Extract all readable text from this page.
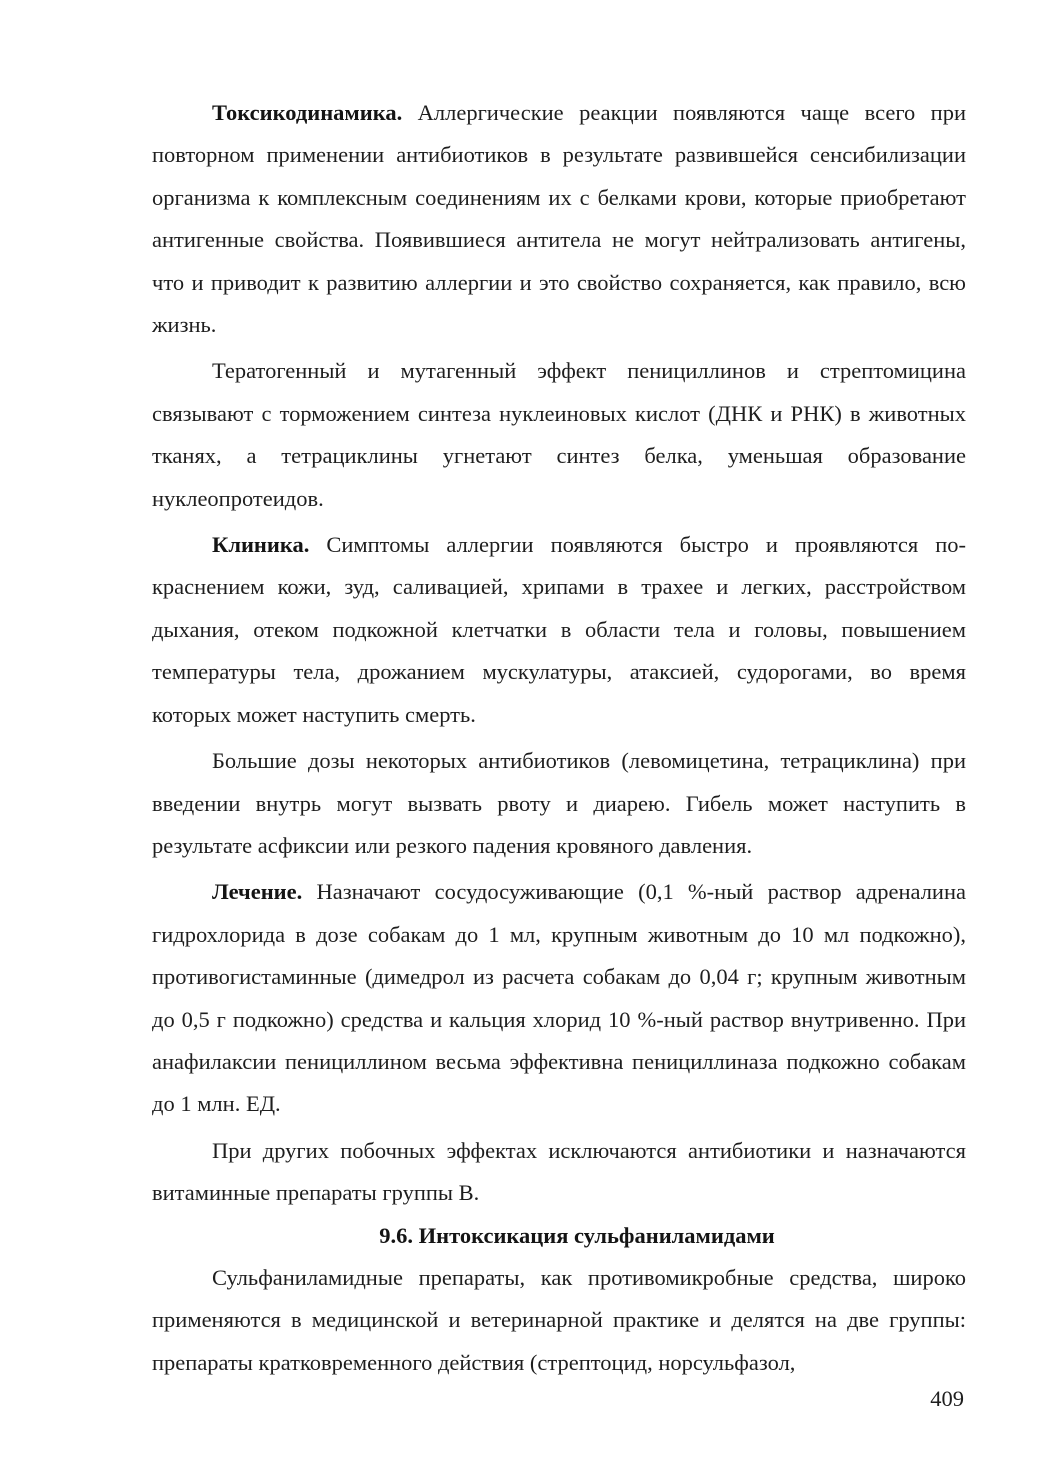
Токсикодинамика. Аллергические реакции появляются чаще всего при повторном применении антибиотиков в результате развившейся сенсибилизации организма к комплексным соединениям их с белками крови, которые приобретают антигенные свойства. Появившиеся антитела не могут нейтрализовать антигены, что и приводит к развитию аллергии и это свойство сохраняется, как правило, всю жизнь.

Тератогенный и мутагенный эффект пенициллинов и стрептомицина связывают с торможением синтеза нуклеиновых кислот (ДНК и РНК) в животных тканях, а тетрациклины угнетают синтез белка, уменьшая образование нуклеопротеидов.

Клиника. Симптомы аллергии появляются быстро и проявляются покраснением кожи, зуд, саливацией, хрипами в трахее и легких, расстройством дыхания, отеком подкожной клетчатки в области тела и головы, повышением температуры тела, дрожанием мускулатуры, атаксией, судорогами, во время которых может наступить смерть.

Большие дозы некоторых антибиотиков (левомицетина, тетрациклина) при введении внутрь могут вызвать рвоту и диарею. Гибель может наступить в результате асфиксии или резкого падения кровяного давления.

Лечение. Назначают сосудосуживающие (0,1 %-ный раствор адреналина гидрохлорида в дозе собакам до 1 мл, крупным животным до 10 мл подкожно), противогистаминные (димедрол из расчета собакам до 0,04 г; крупным животным до 0,5 г подкожно) средства и кальция хлорид 10 %-ный раствор внутривенно. При анафилаксии пенициллином весьма эффективна пенициллиназа подкожно собакам до 1 млн. ЕД.

При других побочных эффектах исключаются антибиотики и назначаются витаминные препараты группы В.

9.6. Интоксикация сульфаниламидами

Сульфаниламидные препараты, как противомикробные средства, широко применяются в медицинской и ветеринарной практике и делятся на две группы: препараты кратковременного действия (стрептоцид, норсульфазол,

409
